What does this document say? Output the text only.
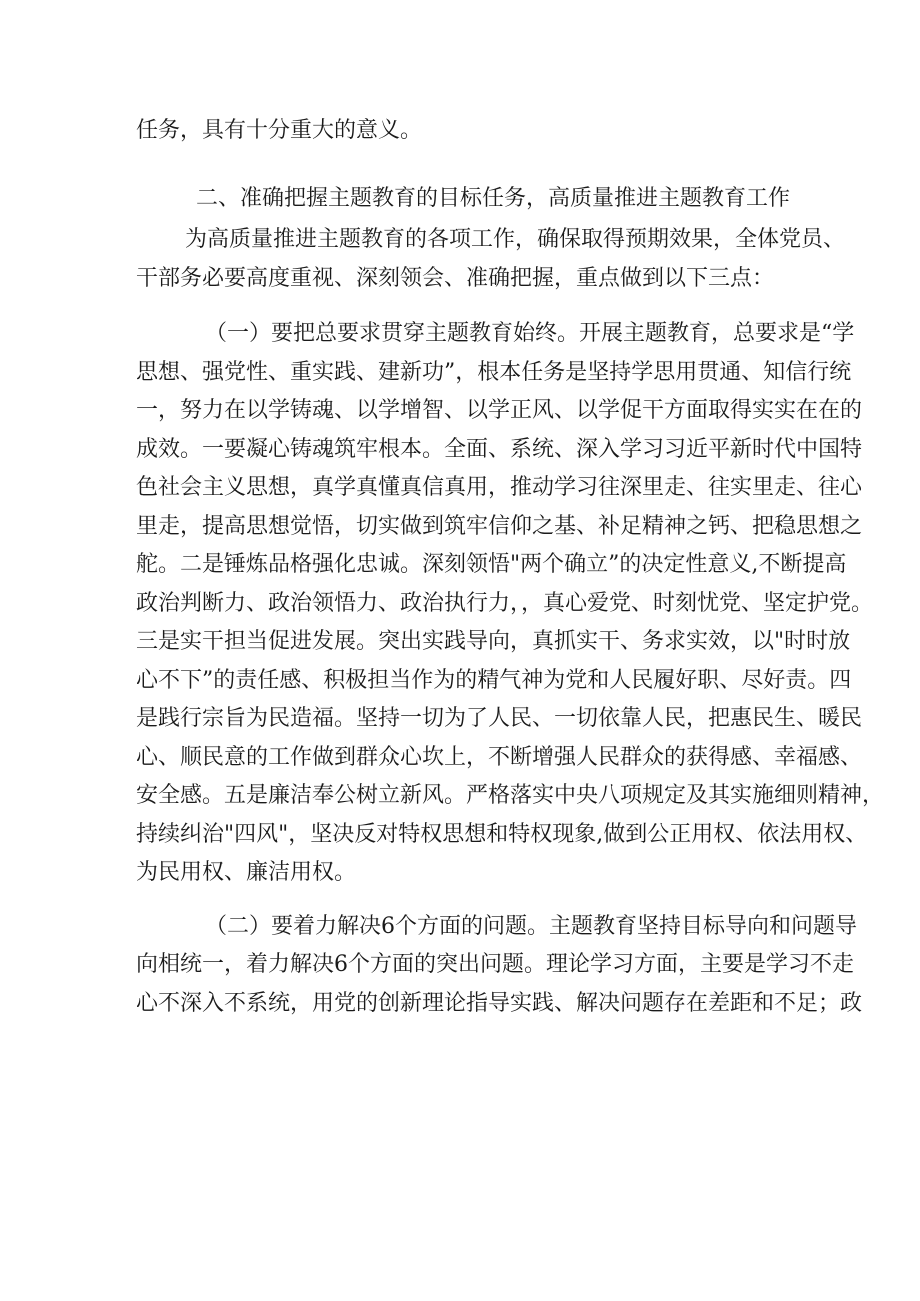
任务，具有十分重大的意义。
二、准确把握主题教育的目标任务，高质量推进主题教育工作
为高质量推进主题教育的各项工作，确保取得预期效果，全体党员、
干部务必要高度重视、深刻领会、准确把握，重点做到以下三点：
（一）要把总要求贯穿主题教育始终。开展主题教育，总要求是“学
思想、强党性、重实践、建新功”，根本任务是坚持学思用贯通、知信行统
一，努力在以学铸魂、以学增智、以学正风、以学促干方面取得实实在在的
成效。一要凝心铸魂筑牢根本。全面、系统、深入学习习近平新时代中国特
色社会主义思想，真学真懂真信真用，推动学习往深里走、往实里走、往心
里走，提高思想觉悟，切实做到筑牢信仰之基、补足精神之钙、把稳思想之
舵。二是锤炼品格强化忠诚。深刻领悟"两个确立”的决定性意义,不断提高
政治判断力、政治领悟力、政治执行力，，真心爱党、时刻忧党、坚定护党。
三是实干担当促进发展。突出实践导向，真抓实干、务求实效，以"时时放
心不下”的责任感、积极担当作为的精气神为党和人民履好职、尽好责。四
是践行宗旨为民造福。坚持一切为了人民、一切依靠人民，把惠民生、暖民
心、顺民意的工作做到群众心坎上，不断增强人民群众的获得感、幸福感、
安全感。五是廉洁奉公树立新风。严格落实中央八项规定及其实施细则精神，
持续纠治"四风"，坚决反对特权思想和特权现象,做到公正用权、依法用权、
为民用权、廉洁用权。
（二）要着力解决6个方面的问题。主题教育坚持目标导向和问题导
向相统一，着力解决6个方面的突出问题。理论学习方面，主要是学习不走
心不深入不系统，用党的创新理论指导实践、解决问题存在差距和不足；政
